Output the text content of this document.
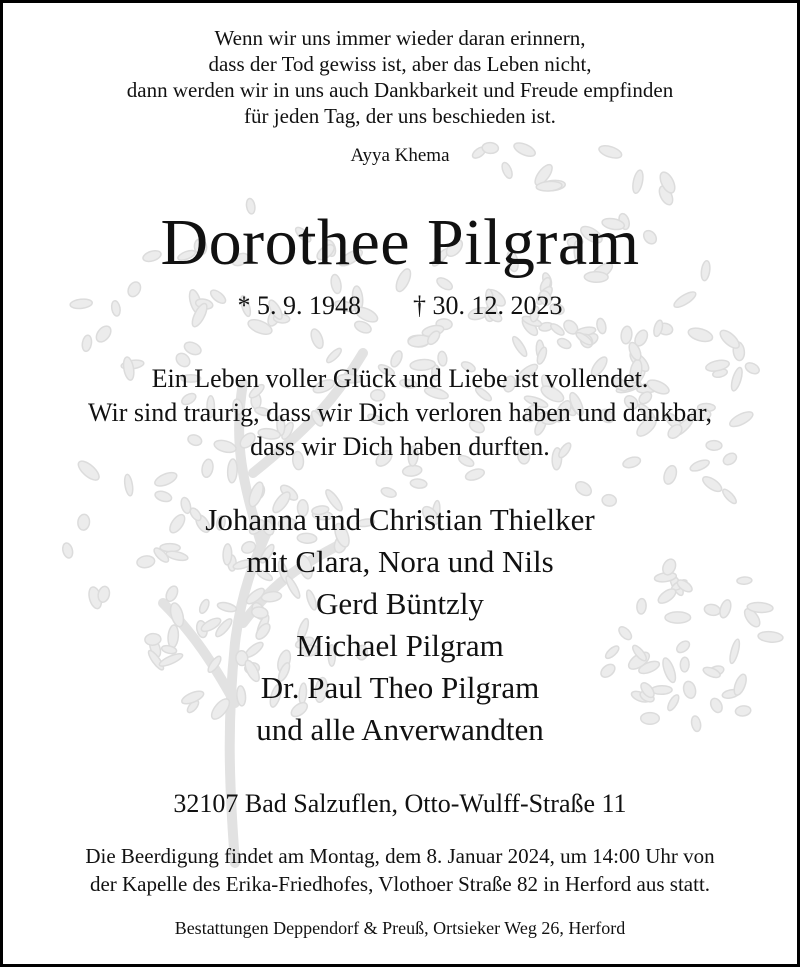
Wenn wir uns immer wieder daran erinnern,
dass der Tod gewiss ist, aber das Leben nicht,
dann werden wir in uns auch Dankbarkeit und Freude empfinden
für jeden Tag, der uns beschieden ist.
Ayya Khema
Dorothee Pilgram
* 5. 9. 1948 † 30. 12. 2023
Ein Leben voller Glück und Liebe ist vollendet.
Wir sind traurig, dass wir Dich verloren haben und dankbar,
dass wir Dich haben durften.
Johanna und Christian Thielker
mit Clara, Nora und Nils
Gerd Büntzly
Michael Pilgram
Dr. Paul Theo Pilgram
und alle Anverwandten
32107 Bad Salzuflen, Otto-Wulff-Straße 11
Die Beerdigung findet am Montag, dem 8. Januar 2024, um 14:00 Uhr von
der Kapelle des Erika-Friedhofes, Vlothoer Straße 82 in Herford aus statt.
Bestattungen Deppendorf & Preuß, Ortsieker Weg 26, Herford
